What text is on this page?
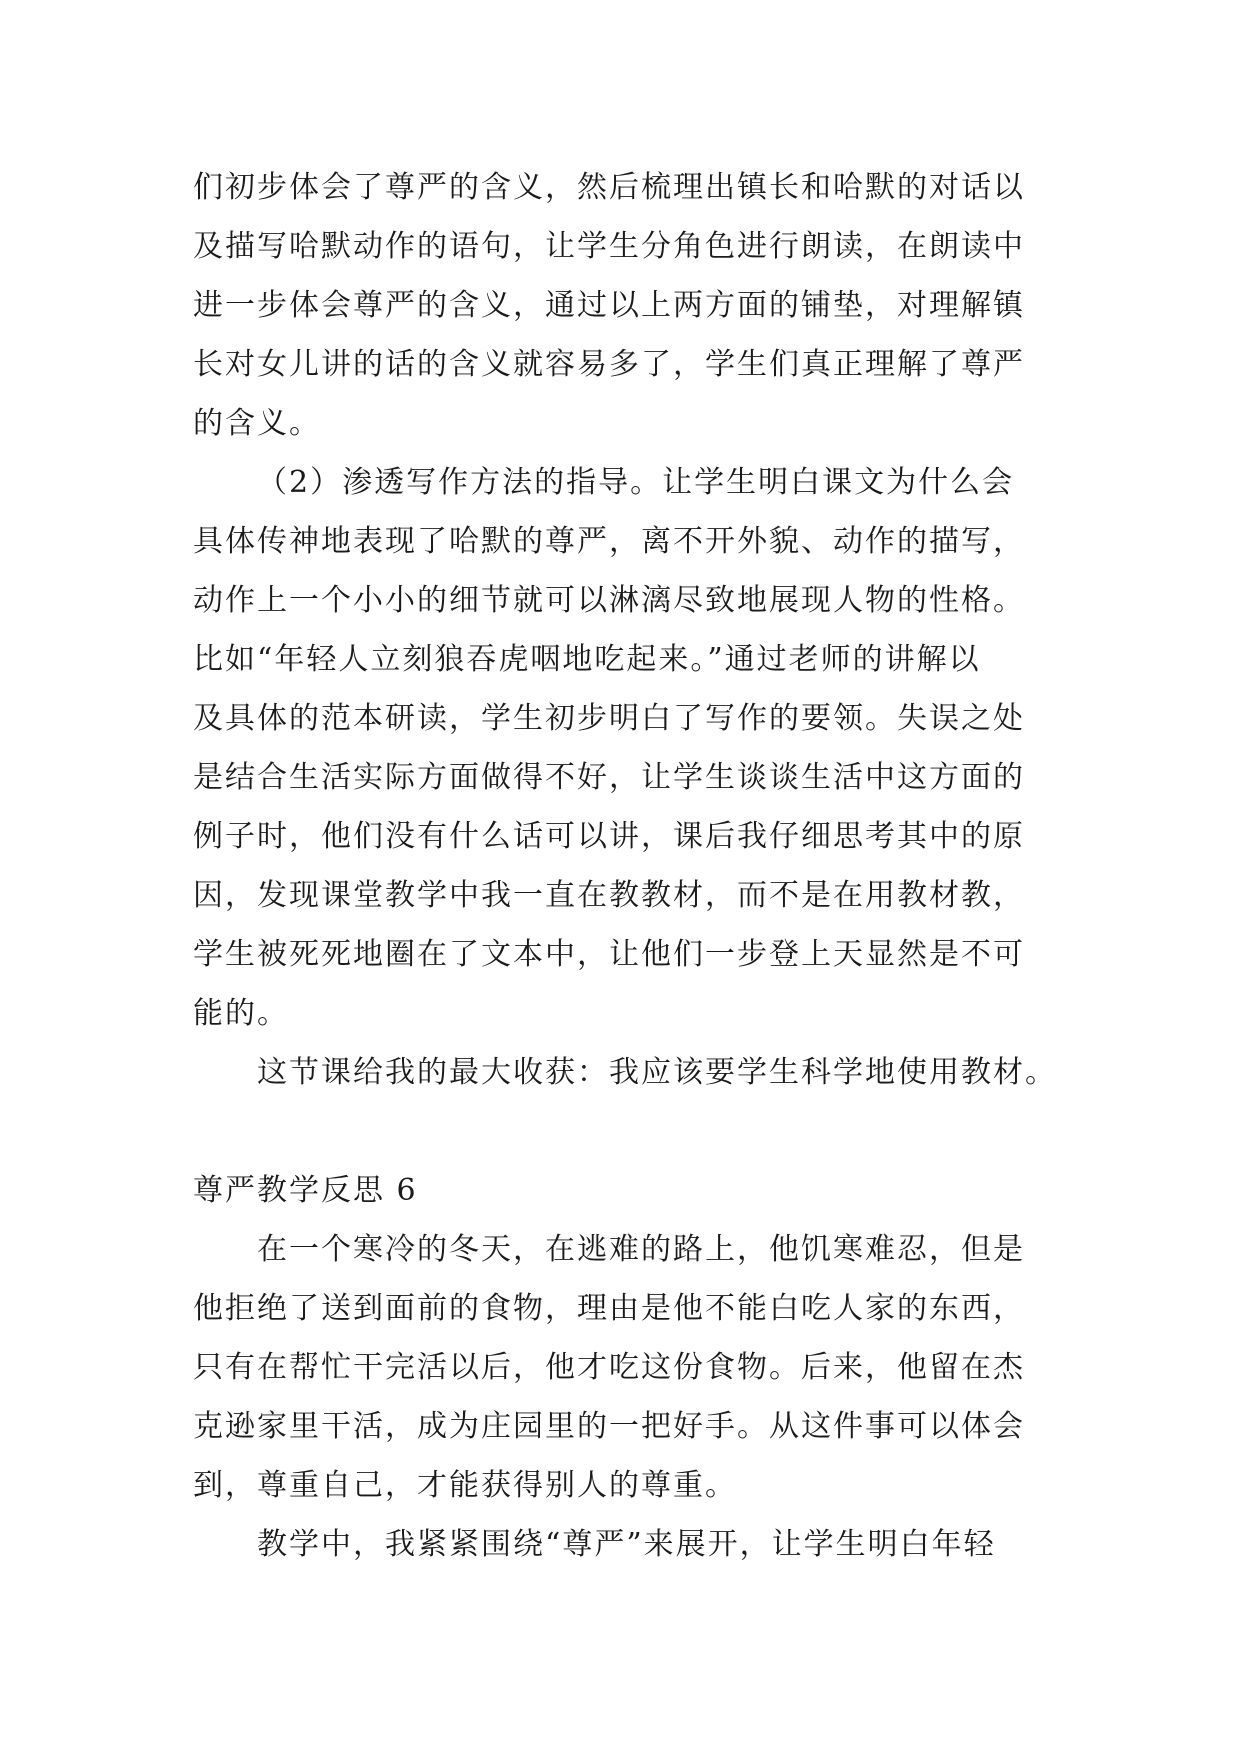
们初步体会了尊严的含义，然后梳理出镇长和哈默的对话以
及描写哈默动作的语句，让学生分角色进行朗读，在朗读中
进一步体会尊严的含义，通过以上两方面的铺垫，对理解镇
长对女儿讲的话的含义就容易多了，学生们真正理解了尊严
的含义。
（2）渗透写作方法的指导。让学生明白课文为什么会
具体传神地表现了哈默的尊严，离不开外貌、动作的描写，
动作上一个小小的细节就可以淋漓尽致地展现人物的性格。
比如“年轻人立刻狼吞虎咽地吃起来。”通过老师的讲解以
及具体的范本研读，学生初步明白了写作的要领。失误之处
是结合生活实际方面做得不好，让学生谈谈生活中这方面的
例子时，他们没有什么话可以讲，课后我仔细思考其中的原
因，发现课堂教学中我一直在教教材，而不是在用教材教，
学生被死死地圈在了文本中，让他们一步登上天显然是不可
能的。
这节课给我的最大收获：我应该要学生科学地使用教材。
尊严教学反思 6
在一个寒冷的冬天，在逃难的路上，他饥寒难忍，但是
他拒绝了送到面前的食物，理由是他不能白吃人家的东西，
只有在帮忙干完活以后，他才吃这份食物。后来，他留在杰
克逊家里干活，成为庄园里的一把好手。从这件事可以体会
到，尊重自己，才能获得别人的尊重。
教学中，我紧紧围绕“尊严”来展开，让学生明白年轻
